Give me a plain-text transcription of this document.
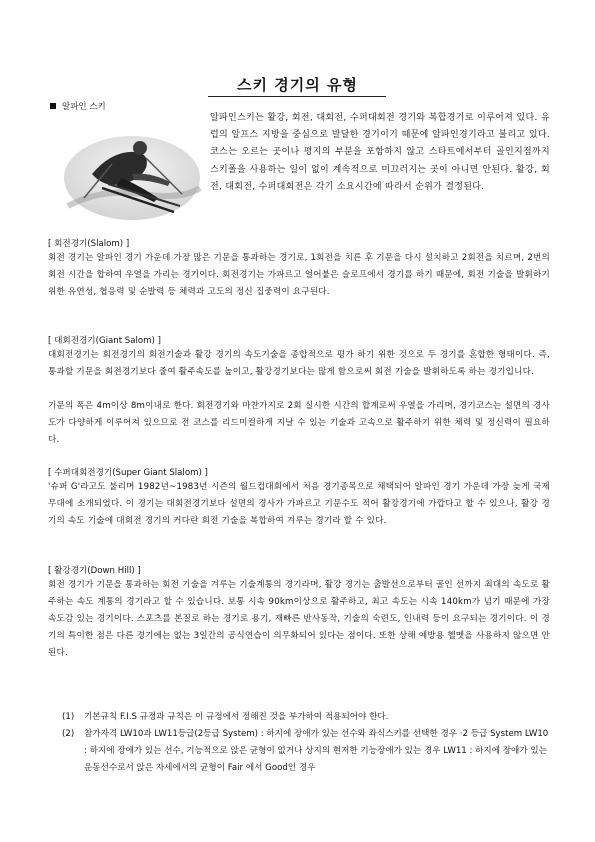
스키 경기의 유형
알파인 스키
알파인스키는 활강, 회전, 대회전, 수퍼대회전 경기와 복합경기로 이루어져 있다. 유럽의 알프스 지방을 중심으로 발달한 경기이기 때문에 알파인경기라고 불리고 있다. 코스는 오르는 곳이나 평지의 부분을 포함하지 않고 스타트에서부터 골인지점까지 스키폴을 사용하는 일이 없이 계속적으로 미끄러지는 곳이 아니면 안된다. 활강, 회전, 대회전, 수퍼대회전은 각기 소요시간에 따라서 순위가 결정된다.
[ 회전경기(Slalom) ]
회전 경기는 알파인 경기 가운데 가장 많은 기문을 통과하는 경기로, 1회전을 치른 후 기문을 다시 설치하고 2회전을 치르며, 2번의 회전 시간을 합하여 우열을 가리는 경기이다. 회전경기는 가파르고 얼어붙은 슬로프에서 경기를 하기 때문에, 회전 기술을 발휘하기 위한 유연성, 협응력 및 순발력 등 체력과 고도의 정신 집중력이 요구된다.
[ 대회전경기(Giant Salom) ]
대회전경기는 회전경기의 회전기술과 활강 경기의 속도기술을 종합적으로 평가 하기 위한 것으로 두 경기를 혼합한 형태이다. 즉, 통과할 기문을 회전경기보다 줄여 활주속도를 높이고, 활강경기보다는 많게 함으로써 회전 기술을 발휘하도록 하는 경기입니다.
기문의 폭은 4m이상 8m이내로 한다. 회전경기와 마찬가지로 2회 실시한 시간의 합계로써 우열을 가리며, 경기코스는 설면의 경사도가 다양하게 이루어져 있으므로 전 코스를 리드미컬하게 지날 수 있는 기술과 고속으로 활주하기 위한 체력 및 정신력이 필요하다.
[ 수퍼대회전경기(Super Giant Slalom) ]
'슈퍼 G'라고도 불리며 1982년~1983년 시즌의 월드컵대회에서 처음 경기종목으로 채택되어 알파인 경기 가운데 가장 늦게 국제무대에 소개되었다. 이 경기는 대회전경기보다 설면의 경사가 가파르고 기문수도 적어 활강경기에 가깝다고 할 수 있으나, 활강 경기의 속도 기술에 대회전 경기의 커다란 회전 기술을 복합하여 겨루는 경기라 할 수 있다.
[ 활강경기(Down Hill) ]
회전 경기가 기문을 통과하는 회전 기술을 겨루는 기술계통의 경기라며, 활강 경기는 출발선으로부터 골인 선까지 최대의 속도로 활주하는 속도 계통의 경기라고 할 수 있습니다. 보통 시속 90km이상으로 활주하고, 최고 속도는 시속 140km가 넘기 때문에 가장 속도감 있는 경기이다. 스포츠를 본질로 하는 경기로 용기, 재빠른 반사동작, 기술의 숙련도, 인내력 등이 요구되는 경기이다. 이 경기의 특이한 점은 다른 경기에는 없는 3일간의 공식연습이 의무화되어 있다는 점이다. 또한 상해 예방용 헬멧을 사용하지 않으면 안된다.
(1)	기본규칙 F.I.S 규정과 규칙은 이 규정에서 정해진 것을 부가하여 적용되어야 한다.
(2)	참가자격 LW10과 LW11등급(2등급 System) : 하지에 장애가 있는 선수와 좌식스키를 선택한 경우 ·2 등급 System LW10 : 하지에 장애가 있는 선수, 기능적으로 앉은 균형이 없거나 상지의 현저한 기능장애가 있는 경우 LW11 : 하지에 장애가 있는 운동선수로서 앉은 자세에서의 균형이 Fair 에서 Good인 경우
